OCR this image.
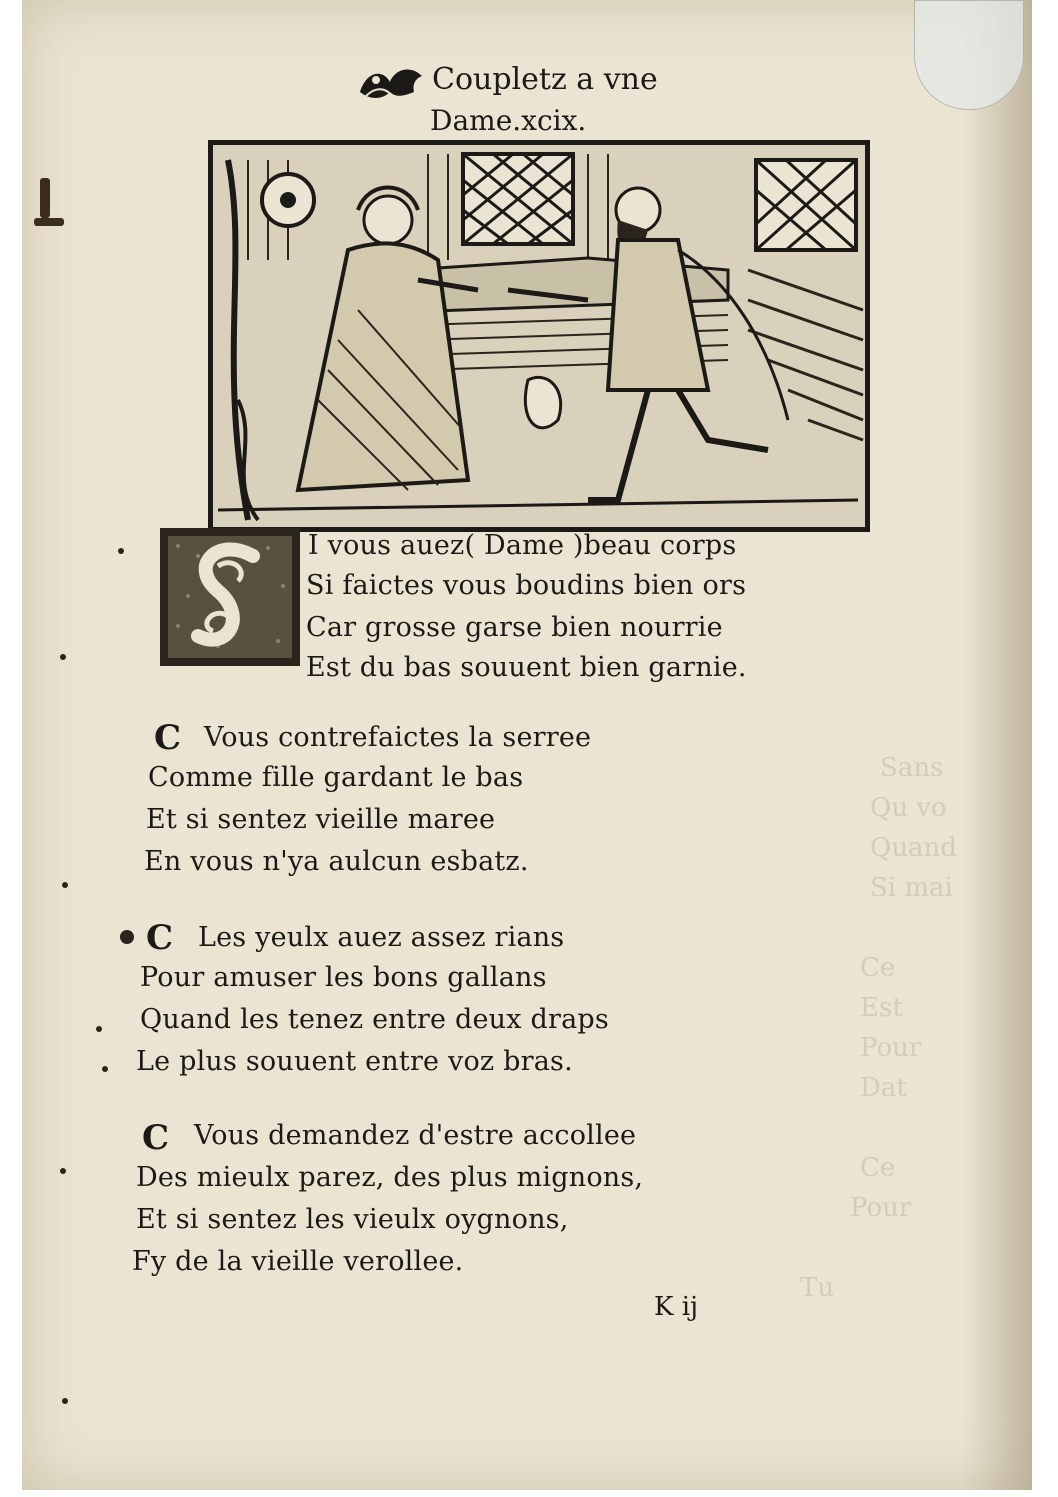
Sans
Qu vo
Quand
Si mai
Ce
Est
Pour
Dat
Ce
Pour
Tu
Coupletz a vne
Dame.xcix.
I vous auez( Dame )beau corps
Si faictes vous boudins bien ors
Car grosse garse bien nourrie
Est du bas souuent bien garnie.
C Vous contrefaictes la serree
Comme fille gardant le bas
Et si sentez vieille maree
En vous n'ya aulcun esbatz.
C Les yeulx auez assez rians
Pour amuser les bons gallans
Quand les tenez entre deux draps
Le plus souuent entre voz bras.
C Vous demandez d'estre accollee
Des mieulx parez, des plus mignons,
Et si sentez les vieulx oygnons,
Fy de la vieille verollee.
K ij
